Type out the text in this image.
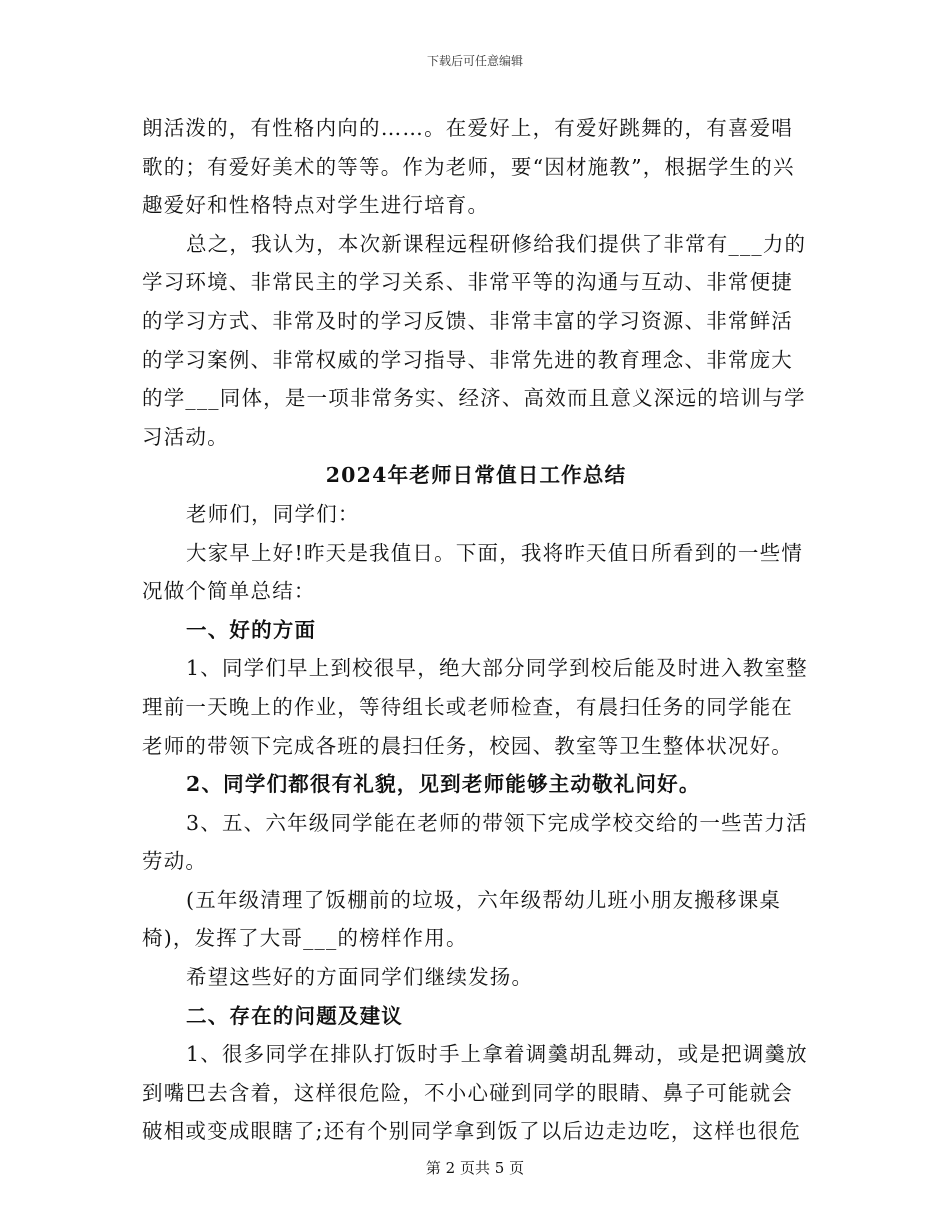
下载后可任意编辑

朗活泼的，有性格内向的……。在爱好上，有爱好跳舞的，有喜爱唱歌的；有爱好美术的等等。作为老师，要“因材施教”，根据学生的兴趣爱好和性格特点对学生进行培育。

总之，我认为，本次新课程远程研修给我们提供了非常有___力的学习环境、非常民主的学习关系、非常平等的沟通与互动、非常便捷的学习方式、非常及时的学习反馈、非常丰富的学习资源、非常鲜活的学习案例、非常权威的学习指导、非常先进的教育理念、非常庞大的学___同体，是一项非常务实、经济、高效而且意义深远的培训与学习活动。

2024年老师日常值日工作总结

老师们，同学们：

大家早上好!昨天是我值日。下面，我将昨天值日所看到的一些情况做个简单总结：

一、好的方面

1、同学们早上到校很早，绝大部分同学到校后能及时进入教室整理前一天晚上的作业，等待组长或老师检查，有晨扫任务的同学能在老师的带领下完成各班的晨扫任务，校园、教室等卫生整体状况好。

2、同学们都很有礼貌，见到老师能够主动敬礼问好。

3、五、六年级同学能在老师的带领下完成学校交给的一些苦力活劳动。

(五年级清理了饭棚前的垃圾，六年级帮幼儿班小朋友搬移课桌椅)，发挥了大哥___的榜样作用。

希望这些好的方面同学们继续发扬。

二、存在的问题及建议

1、很多同学在排队打饭时手上拿着调羹胡乱舞动，或是把调羹放到嘴巴去含着，这样很危险，不小心碰到同学的眼睛、鼻子可能就会破相或变成眼瞎了;还有个别同学拿到饭了以后边走边吃，这样也很危

第 2 页共 5 页
